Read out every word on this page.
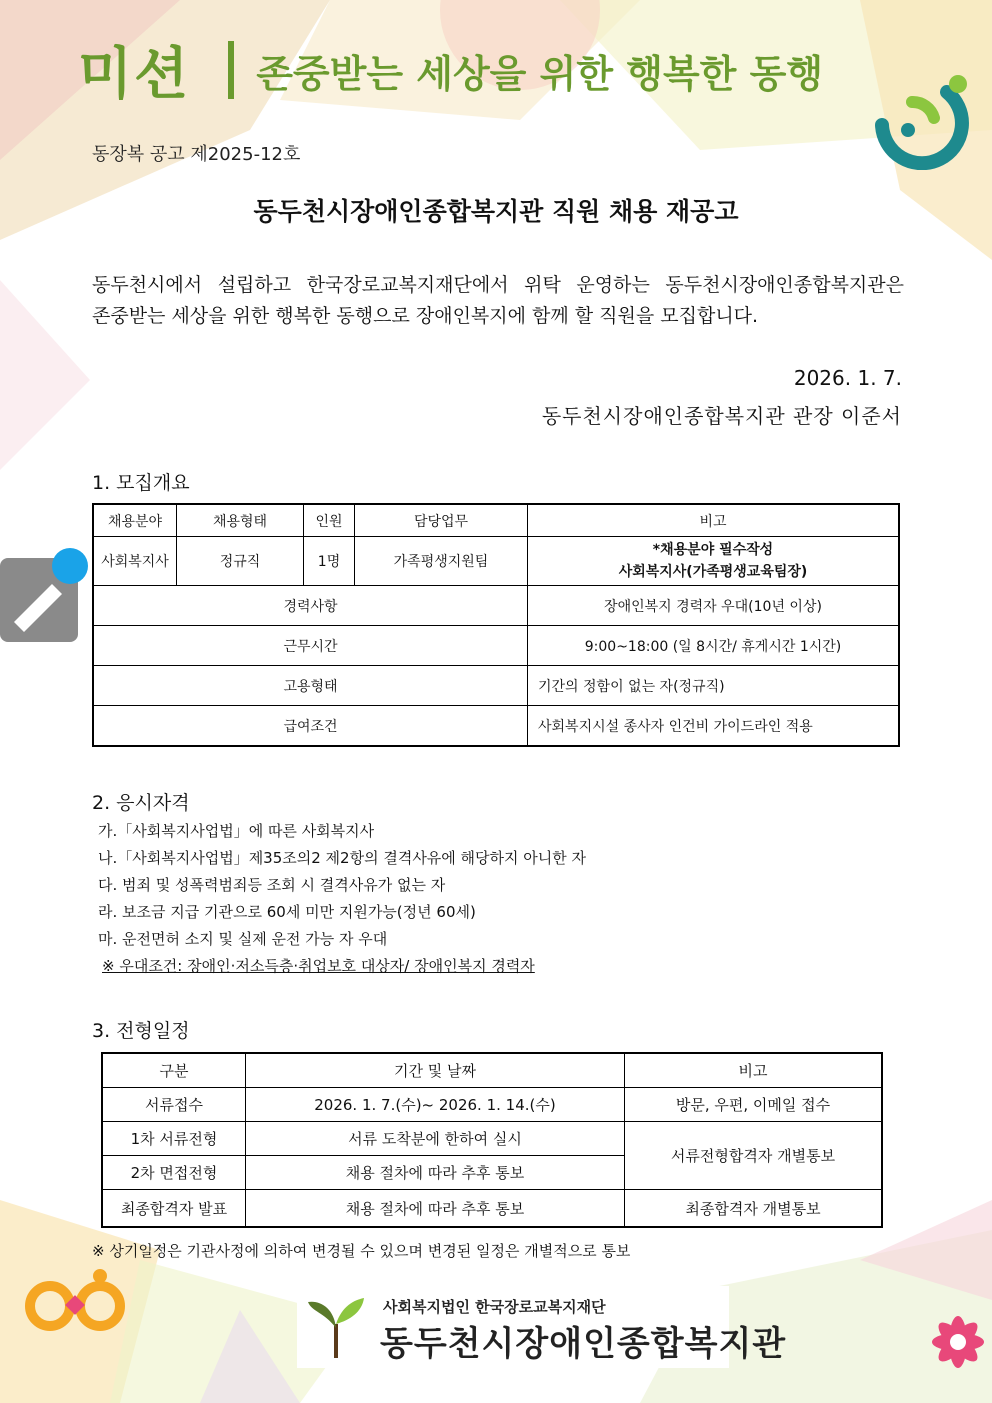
미션 존중받는 세상을 위한 행복한 동행
동장복 공고 제2025-12호
동두천시장애인종합복지관 직원 채용 재공고
동두천시에서 설립하고 한국장로교복지재단에서 위탁 운영하는 동두천시장애인종합복지관은
존중받는 세상을 위한 행복한 동행으로 장애인복지에 함께 할 직원을 모집합니다.
2026. 1. 7.
동두천시장애인종합복지관 관장 이준서
1. 모집개요
채용분야	채용형태	인원	담당업무	비고
사회복지사	정규직	1명	가족평생지원팀	*채용분야 필수작성
사회복지사(가족평생교육팀장)

경력사항				장애인복지 경력자 우대(10년 이상)
근무시간				9:00~18:00 (일 8시간/ 휴게시간 1시간)
고용형태				기간의 정함이 없는 자(정규직)
급여조건				사회복지시설 종사자 인건비 가이드라인 적용
2. 응시자격
가.「사회복지사업법」에 따른 사회복지사
나.「사회복지사업법」제35조의2 제2항의 결격사유에 해당하지 아니한 자
다. 범죄 및 성폭력범죄등 조회 시 결격사유가 없는 자
라. 보조금 지급 기관으로 60세 미만 지원가능(정년 60세)
마. 운전면허 소지 및 실제 운전 가능 자 우대
※ 우대조건: 장애인·저소득층·취업보호 대상자/ 장애인복지 경력자
3. 전형일정
구분	기간 및 날짜	비고
서류접수	2026. 1. 7.(수)~ 2026. 1. 14.(수)	방문, 우편, 이메일 접수
1차 서류전형	서류 도착분에 한하여 실시	서류전형합격자 개별통보
2차 면접전형	채용 절차에 따라 추후 통보	
최종합격자 발표	채용 절차에 따라 추후 통보	최종합격자 개별통보
※ 상기일정은 기관사정에 의하여 변경될 수 있으며 변경된 일정은 개별적으로 통보
사회복지법인 한국장로교복지재단
동두천시장애인종합복지관
